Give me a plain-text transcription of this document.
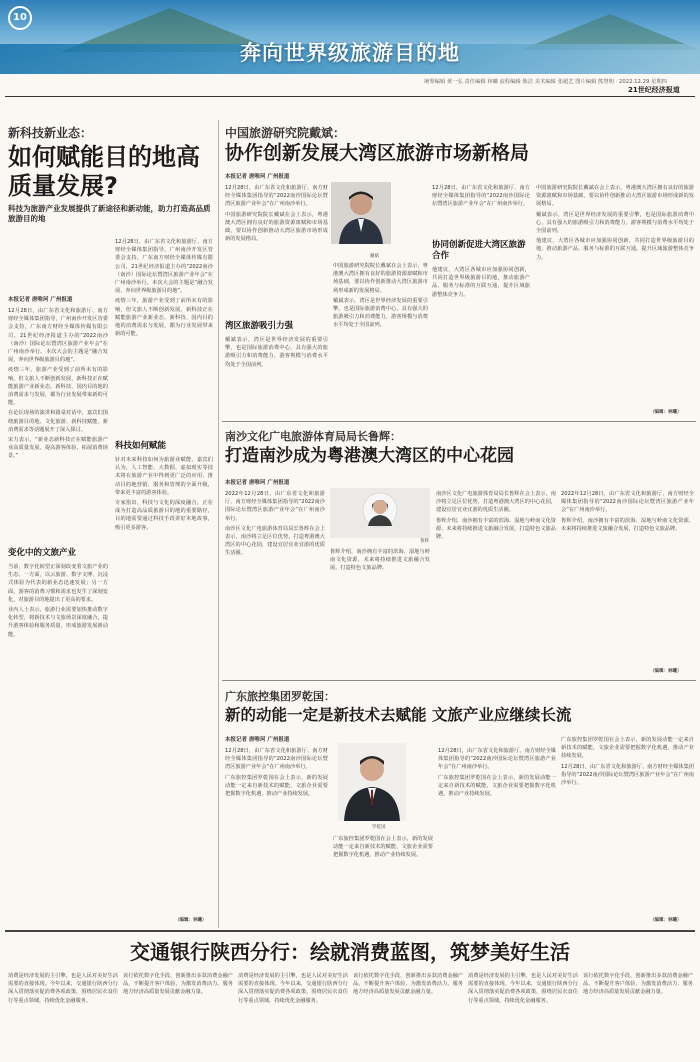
10
奔向世界级旅游目的地
统筹编辑 黄一弘 责任编辑 林曦 流程编辑 陈洁 美术编辑 张超艺 图片编辑 熊慧明 · 2022.12.29 星期四
21世纪经济报道
新科技新业态：
如何赋能目的地高质量发展?
科技为旅游产业发展提供了新途径和新动能，助力打造高品质旅游目的地
本报记者 唐唯珂 广州报道

12月28日，由广东省文化和旅游厅、南方财经全媒体集团指导，广州南沙开发区管委会支持，广东南方财经全媒体传媒有限公司、21世纪经济报道主办的“2022南沙（南沙）国际论坛暨湾区旅游产业年会”在广州南沙举行。本次大会的主题是“融合发展，奔向世界级旅游目的地”。

疫情三年，旅游产业受到了前所未有的影响，但文旅人不断创新发展，新科技正在赋能旅游产业新业态，新科技、国内目的地的消费需求与发展，都为行业发展带来新的可能。

在论坛现场的演讲和圆桌对话中，嘉宾们围绕旅游目的地、文化旅游、新科技赋能、新消费需求等话题展开了深入探讨。

宋力表示，“新业态新科技正在赋能旅游产业高质量发展，提高游客体验，拓展消费场景。”

变化中的文旅产业

当前，数字化转型正深刻改变着文旅产业的生态。一方面，以云旅游、数字文博、沉浸式体验为代表的新业态迅速发展；另一方面，游客的消费习惯和需求也发生了深刻变化，对旅游目的地提出了更高的要求。

业内人士表示，旅游行业需要加快推动数字化转型，将新技术与文旅场景深度融合，提升游客体验和服务质量，形成旅游发展新动能。

12月28日，由广东省文化和旅游厅、南方财经全媒体集团指导，广州南沙开发区管委会支持，广东南方财经全媒体传媒有限公司、21世纪经济报道主办的“2022南沙（南沙）国际论坛暨湾区旅游产业年会”在广州南沙举行。本次大会的主题是“融合发展，奔向世界级旅游目的地”。

疫情三年，旅游产业受到了前所未有的影响，但文旅人不断创新发展，新科技正在赋能旅游产业新业态，新科技、国内目的地的消费需求与发展，都为行业发展带来新的可能。

科技如何赋能

针对未来科技如何为旅游业赋能，嘉宾们认为，人工智能、大数据、虚拟现实等技术将在旅游产业中得到更广泛的应用，推动目的地营销、服务和管理的全面升级，带来更丰富的游客体验。

专家指出，科技与文化的深度融合，正在成为打造高品质旅游目的地的重要路径，目的地需要通过科技手段讲好本地故事，吸引更多游客。

（编辑：林曦）
中国旅游研究院戴斌：
协作创新发展大湾区旅游市场新格局
本报记者 唐唯珂 广州报道

12月28日，由广东省文化和旅游厅、南方财经全媒体集团指导的“2022南沙国际论坛暨湾区旅游产业年会”在广州南沙举行。

中国旅游研究院院长戴斌在会上表示，粤港澳大湾区拥有良好的旅游资源禀赋和市场基础，要以协作创新推动大湾区旅游市场形成新的发展格局。

戴斌
湾区旅游吸引力强

戴斌表示，湾区是世界经济发展的重要引擎，也是国际旅游消费中心，具有强大的旅游吸引力和消费能力，游客规模与消费水平均处于全国前列。

中国旅游研究院院长戴斌在会上表示，粤港澳大湾区拥有良好的旅游资源禀赋和市场基础，要以协作创新推动大湾区旅游市场形成新的发展格局。

戴斌表示，湾区是世界经济发展的重要引擎，也是国际旅游消费中心，具有强大的旅游吸引力和消费能力，游客规模与消费水平均处于全国前列。

12月28日，由广东省文化和旅游厅、南方财经全媒体集团指导的“2022南沙国际论坛暨湾区旅游产业年会”在广州南沙举行。

协同创新促进大湾区旅游合作

他建议，大湾区各城市应加强协同创新，共同打造世界级旅游目的地，推动旅游产品、服务与标准的互联互通，提升区域旅游整体竞争力。

中国旅游研究院院长戴斌在会上表示，粤港澳大湾区拥有良好的旅游资源禀赋和市场基础，要以协作创新推动大湾区旅游市场形成新的发展格局。

戴斌表示，湾区是世界经济发展的重要引擎，也是国际旅游消费中心，具有强大的旅游吸引力和消费能力，游客规模与消费水平均处于全国前列。

他建议，大湾区各城市应加强协同创新，共同打造世界级旅游目的地，推动旅游产品、服务与标准的互联互通，提升区域旅游整体竞争力。

（编辑：林曦）
南沙文化广电旅游体育局局长鲁辉：
打造南沙成为粤港澳大湾区的中心花园
本报记者 唐唯珂 广州报道

2022年12月28日，由广东省文化和旅游厅、南方财经全媒体集团指导的“2022南沙国际论坛暨湾区旅游产业年会”在广州南沙举行。

南沙区文化广电旅游体育局局长鲁辉在会上表示，南沙将立足区位优势，打造粤港澳大湾区的中心花园，建设宜居宜业宜游的优质生活圈。

鲁辉

鲁辉介绍，南沙拥有丰富的滨海、湿地与岭南文化资源，未来将持续推进文旅融合发展，打造特色文旅品牌。

南沙区文化广电旅游体育局局长鲁辉在会上表示，南沙将立足区位优势，打造粤港澳大湾区的中心花园，建设宜居宜业宜游的优质生活圈。

鲁辉介绍，南沙拥有丰富的滨海、湿地与岭南文化资源，未来将持续推进文旅融合发展，打造特色文旅品牌。

2022年12月28日，由广东省文化和旅游厅、南方财经全媒体集团指导的“2022南沙国际论坛暨湾区旅游产业年会”在广州南沙举行。

鲁辉介绍，南沙拥有丰富的滨海、湿地与岭南文化资源，未来将持续推进文旅融合发展，打造特色文旅品牌。

（编辑：林曦）
广东旅控集团罗乾国：
新的动能一定是新技术去赋能 文旅产业应继续长流
本报记者 唐唯珂 广州报道

12月28日，由广东省文化和旅游厅、南方财经全媒体集团指导的“2022南沙国际论坛暨湾区旅游产业年会”在广州南沙举行。

广东旅控集团罗乾国在会上表示，新的发展动能一定来自新技术的赋能，文旅企业需要把握数字化机遇，推动产业持续发展。

罗乾国

广东旅控集团罗乾国在会上表示，新的发展动能一定来自新技术的赋能，文旅企业需要把握数字化机遇，推动产业持续发展。

12月28日，由广东省文化和旅游厅、南方财经全媒体集团指导的“2022南沙国际论坛暨湾区旅游产业年会”在广州南沙举行。

广东旅控集团罗乾国在会上表示，新的发展动能一定来自新技术的赋能，文旅企业需要把握数字化机遇，推动产业持续发展。

广东旅控集团罗乾国在会上表示，新的发展动能一定来自新技术的赋能，文旅企业需要把握数字化机遇，推动产业持续发展。

12月28日，由广东省文化和旅游厅、南方财经全媒体集团指导的“2022南沙国际论坛暨湾区旅游产业年会”在广州南沙举行。

（编辑：林曦）
交通银行陕西分行：绘就消费蓝图，筑梦美好生活

消费是经济发展的主引擎，也是人民对美好生活需要的直接体现。今年以来，交通银行陕西分行深入贯彻落实促消费各项政策，围绕居民衣食住行等重点领域，持续优化金融服务。

该行依托数字化手段，创新推出多款消费金融产品，不断提升客户体验，为激发消费活力、服务地方经济高质量发展贡献金融力量。

消费是经济发展的主引擎，也是人民对美好生活需要的直接体现。今年以来，交通银行陕西分行深入贯彻落实促消费各项政策，围绕居民衣食住行等重点领域，持续优化金融服务。

该行依托数字化手段，创新推出多款消费金融产品，不断提升客户体验，为激发消费活力、服务地方经济高质量发展贡献金融力量。

消费是经济发展的主引擎，也是人民对美好生活需要的直接体现。今年以来，交通银行陕西分行深入贯彻落实促消费各项政策，围绕居民衣食住行等重点领域，持续优化金融服务。

该行依托数字化手段，创新推出多款消费金融产品，不断提升客户体验，为激发消费活力、服务地方经济高质量发展贡献金融力量。
